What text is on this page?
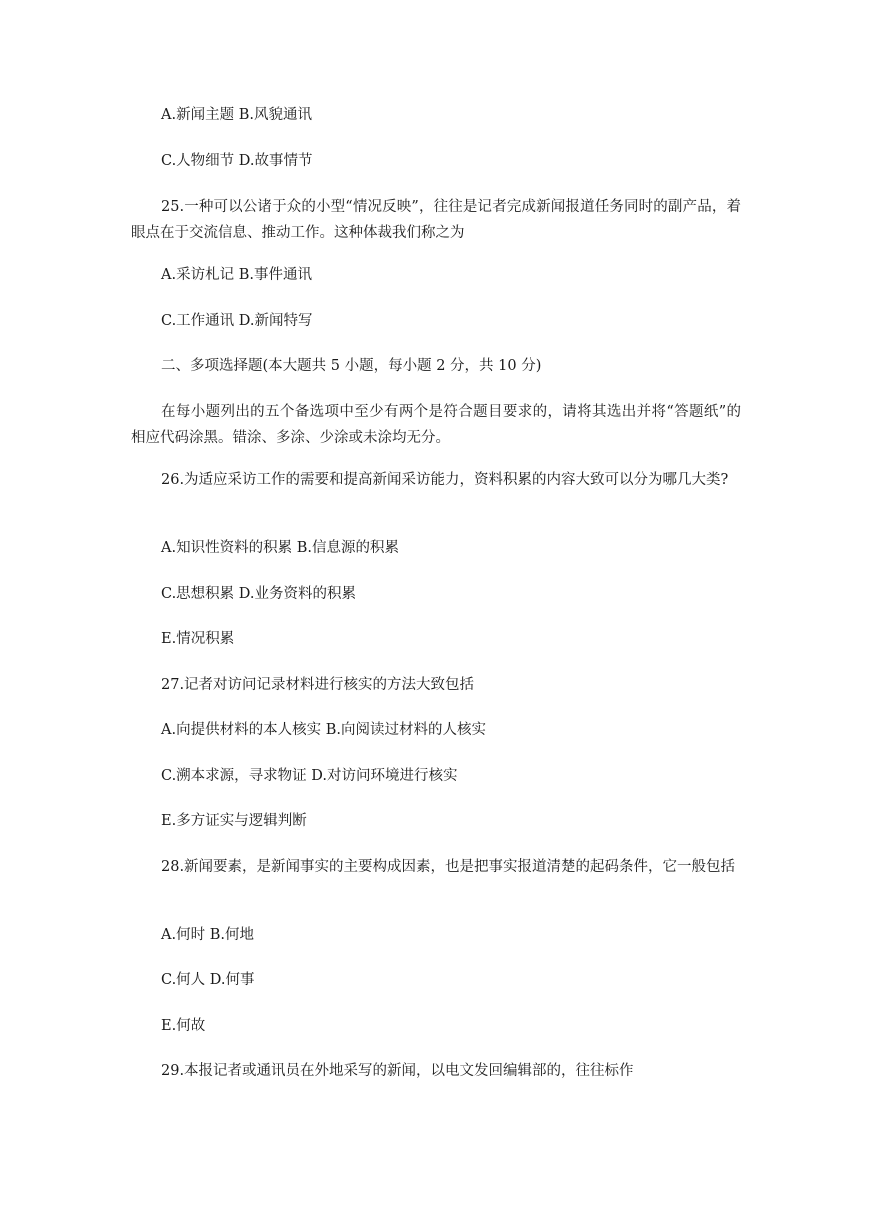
A.新闻主题 B.风貌通讯
C.人物细节 D.故事情节
25.一种可以公诸于众的小型“情况反映”，往往是记者完成新闻报道任务同时的副产品，着眼点在于交流信息、推动工作。这种体裁我们称之为
A.采访札记 B.事件通讯
C.工作通讯 D.新闻特写
二、多项选择题(本大题共 5 小题，每小题 2 分，共 10 分)
在每小题列出的五个备选项中至少有两个是符合题目要求的，请将其选出并将“答题纸”的相应代码涂黑。错涂、多涂、少涂或未涂均无分。
26.为适应采访工作的需要和提高新闻采访能力，资料积累的内容大致可以分为哪几大类?
A.知识性资料的积累 B.信息源的积累
C.思想积累 D.业务资料的积累
E.情况积累
27.记者对访问记录材料进行核实的方法大致包括
A.向提供材料的本人核实 B.向阅读过材料的人核实
C.溯本求源，寻求物证 D.对访问环境进行核实
E.多方证实与逻辑判断
28.新闻要素，是新闻事实的主要构成因素，也是把事实报道清楚的起码条件，它一般包括
A.何时 B.何地
C.何人 D.何事
E.何故
29.本报记者或通讯员在外地采写的新闻，以电文发回编辑部的，往往标作
